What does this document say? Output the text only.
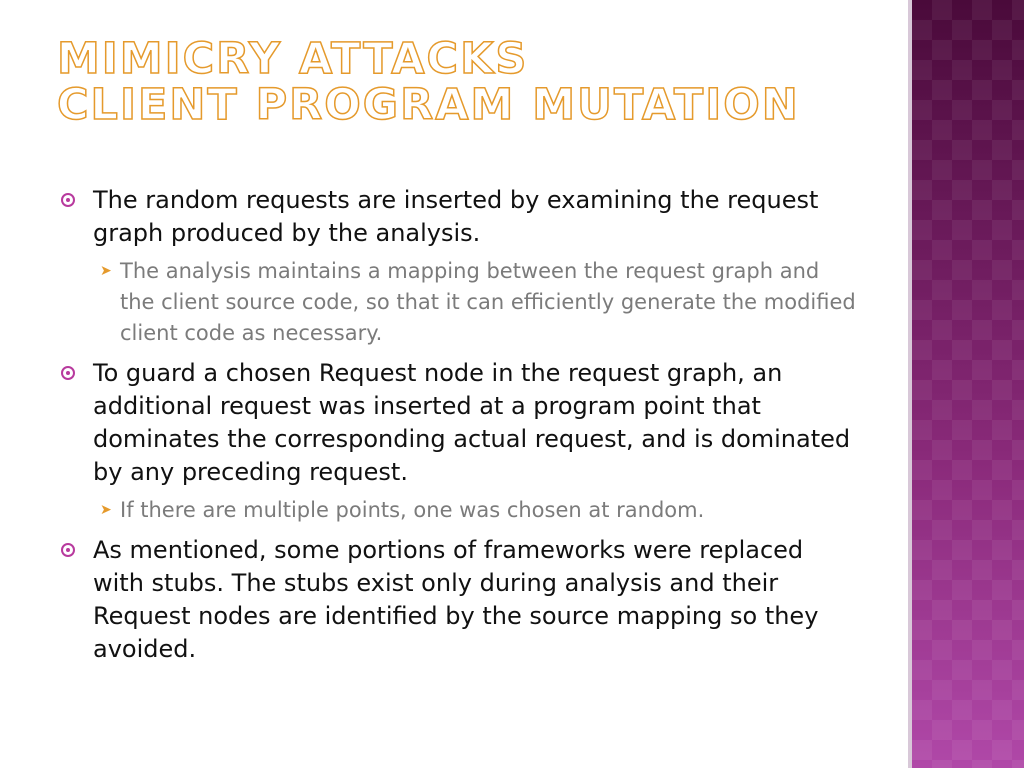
MIMICRY ATTACKS
CLIENT PROGRAM MUTATION
The random requests are inserted by examining the request graph produced by the analysis.
➤ The analysis maintains a mapping between the request graph and the client source code, so that it can efficiently generate the modified client code as necessary.
To guard a chosen Request node in the request graph, an additional request was inserted at a program point that dominates the corresponding actual request, and is dominated by any preceding request.
➤ If there are multiple points, one was chosen at random.
As mentioned, some portions of frameworks were replaced with stubs. The stubs exist only during analysis and their Request nodes are identified by the source mapping so they avoided.
